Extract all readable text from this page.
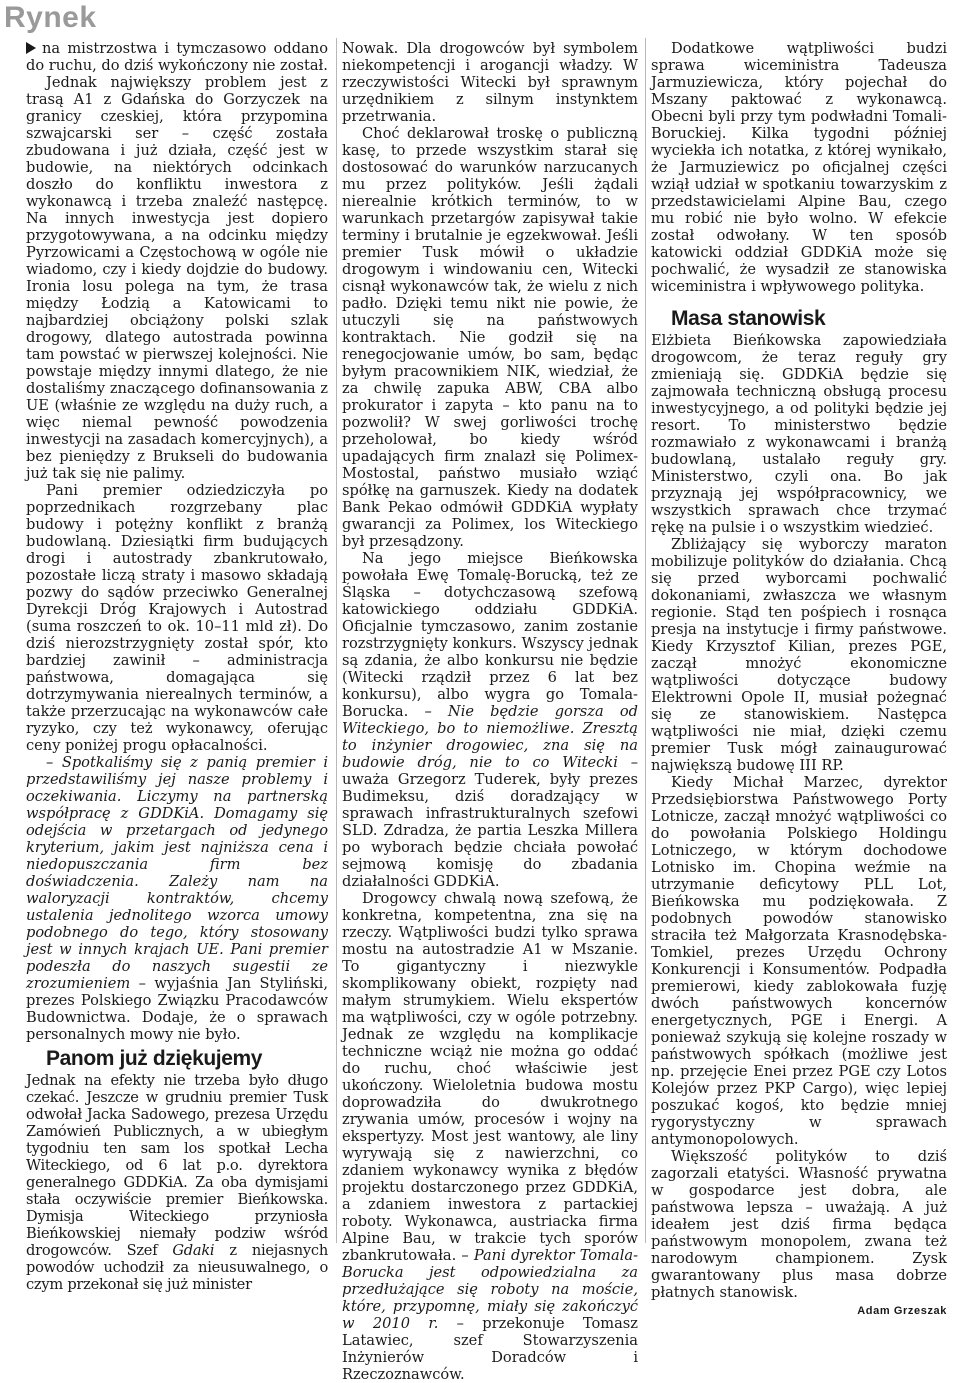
Rynek

na mistrzostwa i tymczasowo oddano do ruchu, do dziś wykończony nie został.

Jednak największy problem jest z trasą A1 z Gdańska do Gorzyczek na granicy czeskiej, która przypomina szwajcarski ser – część została zbudowana i już działa, część jest w budowie, na niektórych odcinkach doszło do konfliktu inwestora z wykonawcą i trzeba znaleźć następcę. Na innych inwestycja jest dopiero przygotowywana, a na odcinku między Pyrzowicami a Częstochową w ogóle nie wiadomo, czy i kiedy dojdzie do budowy. Ironia losu polega na tym, że trasa między Łodzią a Katowicami to najbardziej obciążony polski szlak drogowy, dlatego autostrada powinna tam powstać w pierwszej kolejności. Nie powstaje między innymi dlatego, że nie dostaliśmy znaczącego dofinansowania z UE (właśnie ze względu na duży ruch, a więc niemal pewność powodzenia inwestycji na zasadach komercyjnych), a bez pieniędzy z Brukseli do budowania już tak się nie palimy.

Pani premier odziedziczyła po poprzednikach rozgrzebany plac budowy i potężny konflikt z branżą budowlaną. Dziesiątki firm budujących drogi i autostrady zbankrutowało, pozostałe liczą straty i masowo składają pozwy do sądów przeciwko Generalnej Dyrekcji Dróg Krajowych i Autostrad (suma roszczeń to ok. 10–11 mld zł). Do dziś nierozstrzygnięty został spór, kto bardziej zawinił – administracja państwowa, domagająca się dotrzymywania nierealnych terminów, a także przerzucając na wykonawców całe ryzyko, czy też wykonawcy, oferując ceny poniżej progu opłacalności.

– Spotkaliśmy się z panią premier i przedstawiliśmy jej nasze problemy i oczekiwania. Liczymy na partnerską współpracę z GDDKiA. Domagamy się odejścia w przetargach od jedynego kryterium, jakim jest najniższa cena i niedopuszczania firm bez doświadczenia. Zależy nam na waloryzacji kontraktów, chcemy ustalenia jednolitego wzorca umowy podobnego do tego, który stosowany jest w innych krajach UE. Pani premier podeszła do naszych sugestii ze zrozumieniem – wyjaśnia Jan Styliński, prezes Polskiego Związku Pracodawców Budownictwa. Dodaje, że o sprawach personalnych mowy nie było.

Panom już dziękujemy

Jednak na efekty nie trzeba było długo czekać. Jeszcze w grudniu premier Tusk odwołał Jacka Sadowego, prezesa Urzędu Zamówień Publicznych, a w ubiegłym tygodniu ten sam los spotkał Lecha Witeckiego, od 6 lat p.o. dyrektora generalnego GDDKiA. Za oba dymisjami stała oczywiście premier Bieńkowska. Dymisja Witeckiego przyniosła Bieńkowskiej niemały podziw wśród drogowców. Szef Gdaki z niejasnych powodów uchodził za nieusuwalnego, o czym przekonał się już minister

Nowak. Dla drogowców był symbolem niekompetencji i arogancji władzy. W rzeczywistości Witecki był sprawnym urzędnikiem z silnym instynktem przetrwania.

Choć deklarował troskę o publiczną kasę, to przede wszystkim starał się dostosować do warunków narzucanych mu przez polityków. Jeśli żądali nierealnie krótkich terminów, to w warunkach przetargów zapisywał takie terminy i brutalnie je egzekwował. Jeśli premier Tusk mówił o układzie drogowym i windowaniu cen, Witecki cisnął wykonawców tak, że wielu z nich padło. Dzięki temu nikt nie powie, że utuczyli się na państwowych kontraktach. Nie godził się na renegocjowanie umów, bo sam, będąc byłym pracownikiem NIK, wiedział, że za chwilę zapuka ABW, CBA albo prokurator i zapyta – kto panu na to pozwolił? W swej gorliwości trochę przeholował, bo kiedy wśród upadających firm znalazł się Polimex-Mostostal, państwo musiało wziąć spółkę na garnuszek. Kiedy na dodatek Bank Pekao odmówił GDDKiA wypłaty gwarancji za Polimex, los Witeckiego był przesądzony.

Na jego miejsce Bieńkowska powołała Ewę Tomalę-Borucką, też ze Śląska – dotychczasową szefową katowickiego oddziału GDDKiA. Oficjalnie tymczasowo, zanim zostanie rozstrzygnięty konkurs. Wszyscy jednak są zdania, że albo konkursu nie będzie (Witecki rządził przez 6 lat bez konkursu), albo wygra go Tomala-Borucka. – Nie będzie gorsza od Witeckiego, bo to niemożliwe. Zresztą to inżynier drogowiec, zna się na budowie dróg, nie to co Witecki – uważa Grzegorz Tuderek, były prezes Budimeksu, dziś doradzający w sprawach infrastrukturalnych szefowi SLD. Zdradza, że partia Leszka Millera po wyborach będzie chciała powołać sejmową komisję do zbadania działalności GDDKiA.

Drogowcy chwalą nową szefową, że konkretna, kompetentna, zna się na rzeczy. Wątpliwości budzi tylko sprawa mostu na autostradzie A1 w Mszanie. To gigantyczny i niezwykle skomplikowany obiekt, rozpięty nad małym strumykiem. Wielu ekspertów ma wątpliwości, czy w ogóle potrzebny. Jednak ze względu na komplikacje techniczne wciąż nie można go oddać do ruchu, choć właściwie jest ukończony. Wieloletnia budowa mostu doprowadziła do dwukrotnego zrywania umów, procesów i wojny na ekspertyzy. Most jest wantowy, ale liny wyrywają się z nawierzchni, co zdaniem wykonawcy wynika z błędów projektu dostarczonego przez GDDKiA, a zdaniem inwestora z partackiej roboty. Wykonawca, austriacka firma Alpine Bau, w trakcie tych sporów zbankrutowała. – Pani dyrektor Tomala-Borucka jest odpowiedzialna za przedłużające się roboty na moście, które, przypomnę, miały się zakończyć w 2010 r. – przekonuje Tomasz Latawiec, szef Stowarzyszenia Inżynierów Doradców i Rzeczoznawców.

Dodatkowe wątpliwości budzi sprawa wiceministra Tadeusza Jarmuziewicza, który pojechał do Mszany paktować z wykonawcą. Obecni byli przy tym podwładni Tomali-Boruckiej. Kilka tygodni później wyciekła ich notatka, z której wynikało, że Jarmuziewicz po oficjalnej części wziął udział w spotkaniu towarzyskim z przedstawicielami Alpine Bau, czego mu robić nie było wolno. W efekcie został odwołany. W ten sposób katowicki oddział GDDKiA może się pochwalić, że wysadził ze stanowiska wiceministra i wpływowego polityka.

Masa stanowisk

Elżbieta Bieńkowska zapowiedziała drogowcom, że teraz reguły gry zmieniają się. GDDKiA będzie się zajmowała techniczną obsługą procesu inwestycyjnego, a od polityki będzie jej resort. To ministerstwo będzie rozmawiało z wykonawcami i branżą budowlaną, ustalało reguły gry. Ministerstwo, czyli ona. Bo jak przyznają jej współpracownicy, we wszystkich sprawach chce trzymać rękę na pulsie i o wszystkim wiedzieć.

Zbliżający się wyborczy maraton mobilizuje polityków do działania. Chcą się przed wyborcami pochwalić dokonaniami, zwłaszcza we własnym regionie. Stąd ten pośpiech i rosnąca presja na instytucje i firmy państwowe. Kiedy Krzysztof Kilian, prezes PGE, zaczął mnożyć ekonomiczne wątpliwości dotyczące budowy Elektrowni Opole II, musiał pożegnać się ze stanowiskiem. Następca wątpliwości nie miał, dzięki czemu premier Tusk mógł zainaugurować największą budowę III RP.

Kiedy Michał Marzec, dyrektor Przedsiębiorstwa Państwowego Porty Lotnicze, zaczął mnożyć wątpliwości co do powołania Polskiego Holdingu Lotniczego, w którym dochodowe Lotnisko im. Chopina weźmie na utrzymanie deficytowy PLL Lot, Bieńkowska mu podziękowała. Z podobnych powodów stanowisko straciła też Małgorzata Krasnodębska-Tomkiel, prezes Urzędu Ochrony Konkurencji i Konsumentów. Podpadła premierowi, kiedy zablokowała fuzję dwóch państwowych koncernów energetycznych, PGE i Energi. A ponieważ szykują się kolejne roszady w państwowych spółkach (możliwe jest np. przejęcie Enei przez PGE czy Lotos Kolejów przez PKP Cargo), więc lepiej poszukać kogoś, kto będzie mniej rygorystyczny w sprawach antymonopolowych.

Większość polityków to dziś zagorzali etatyści. Własność prywatna w gospodarce jest dobra, ale państwowa lepsza – uważają. A już ideałem jest dziś firma będąca państwowym monopolem, zwana też narodowym championem. Zysk gwarantowany plus masa dobrze płatnych stanowisk.

Adam Grzeszak
